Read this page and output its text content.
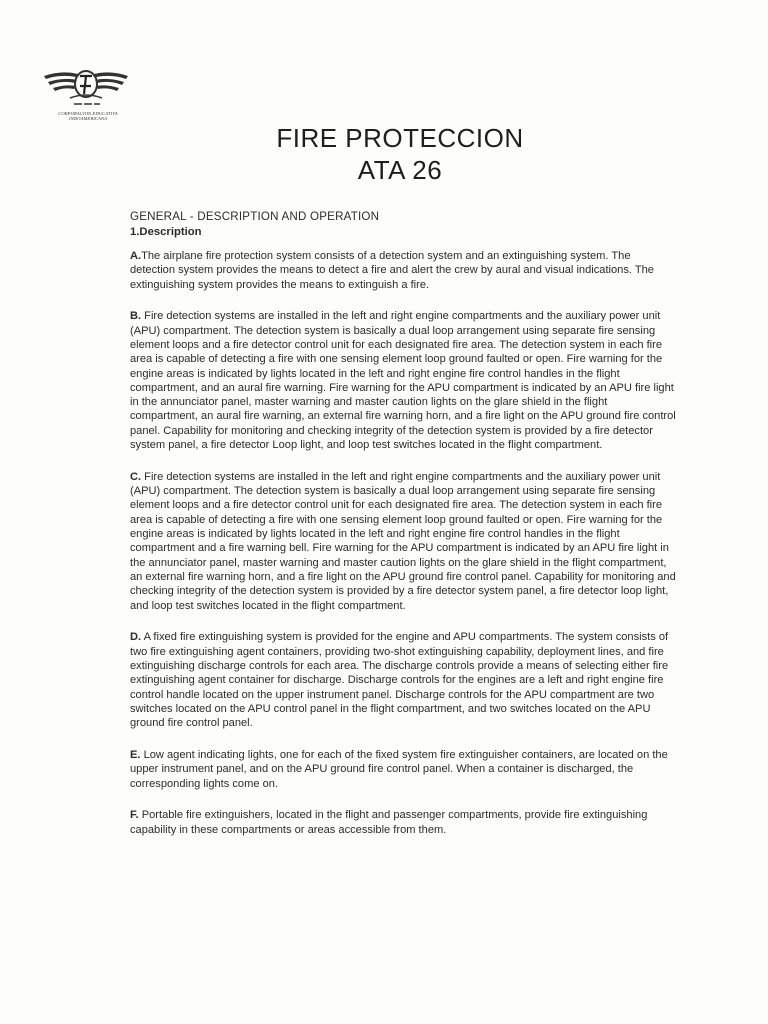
CORPORACION EDUCATIVA INDOAMERICANA
FIRE PROTECCION
ATA 26
GENERAL - DESCRIPTION AND OPERATION
1.Description

A.The airplane fire protection system consists of a detection system and an extinguishing system. The detection system provides the means to detect a fire and alert the crew by aural and visual indications. The extinguishing system provides the means to extinguish a fire.

B. Fire detection systems are installed in the left and right engine compartments and the auxiliary power unit (APU) compartment. The detection system is basically a dual loop arrangement using separate fire sensing element loops and a fire detector control unit for each designated fire area. The detection system in each fire area is capable of detecting a fire with one sensing element loop ground faulted or open. Fire warning for the engine areas is indicated by lights located in the left and right engine fire control handles in the flight compartment, and an aural fire warning. Fire warning for the APU compartment is indicated by an APU fire light in the annunciator panel, master warning and master caution lights on the glare shield in the flight compartment, an aural fire warning, an external fire warning horn, and a fire light on the APU ground fire control panel. Capability for monitoring and checking integrity of the detection system is provided by a fire detector system panel, a fire detector Loop light, and loop test switches located in the flight compartment.

C. Fire detection systems are installed in the left and right engine compartments and the auxiliary power unit (APU) compartment. The detection system is basically a dual loop arrangement using separate fire sensing element loops and a fire detector control unit for each designated fire area. The detection system in each fire area is capable of detecting a fire with one sensing element loop ground faulted or open. Fire warning for the engine areas is indicated by lights located in the left and right engine fire control handles in the flight compartment and a fire warning bell. Fire warning for the APU compartment is indicated by an APU fire light in the annunciator panel, master warning and master caution lights on the glare shield in the flight compartment, an external fire warning horn, and a fire light on the APU ground fire control panel. Capability for monitoring and checking integrity of the detection system is provided by a fire detector system panel, a fire detector loop light, and loop test switches located in the flight compartment.

D. A fixed fire extinguishing system is provided for the engine and APU compartments. The system consists of two fire extinguishing agent containers, providing two-shot extinguishing capability, deployment lines, and fire extinguishing discharge controls for each area. The discharge controls provide a means of selecting either fire extinguishing agent container for discharge. Discharge controls for the engines are a left and right engine fire control handle located on the upper instrument panel. Discharge controls for the APU compartment are two switches located on the APU control panel in the flight compartment, and two switches located on the APU ground fire control panel.

E. Low agent indicating lights, one for each of the fixed system fire extinguisher containers, are located on the upper instrument panel, and on the APU ground fire control panel. When a container is discharged, the corresponding lights come on.

F. Portable fire extinguishers, located in the flight and passenger compartments, provide fire extinguishing capability in these compartments or areas accessible from them.
